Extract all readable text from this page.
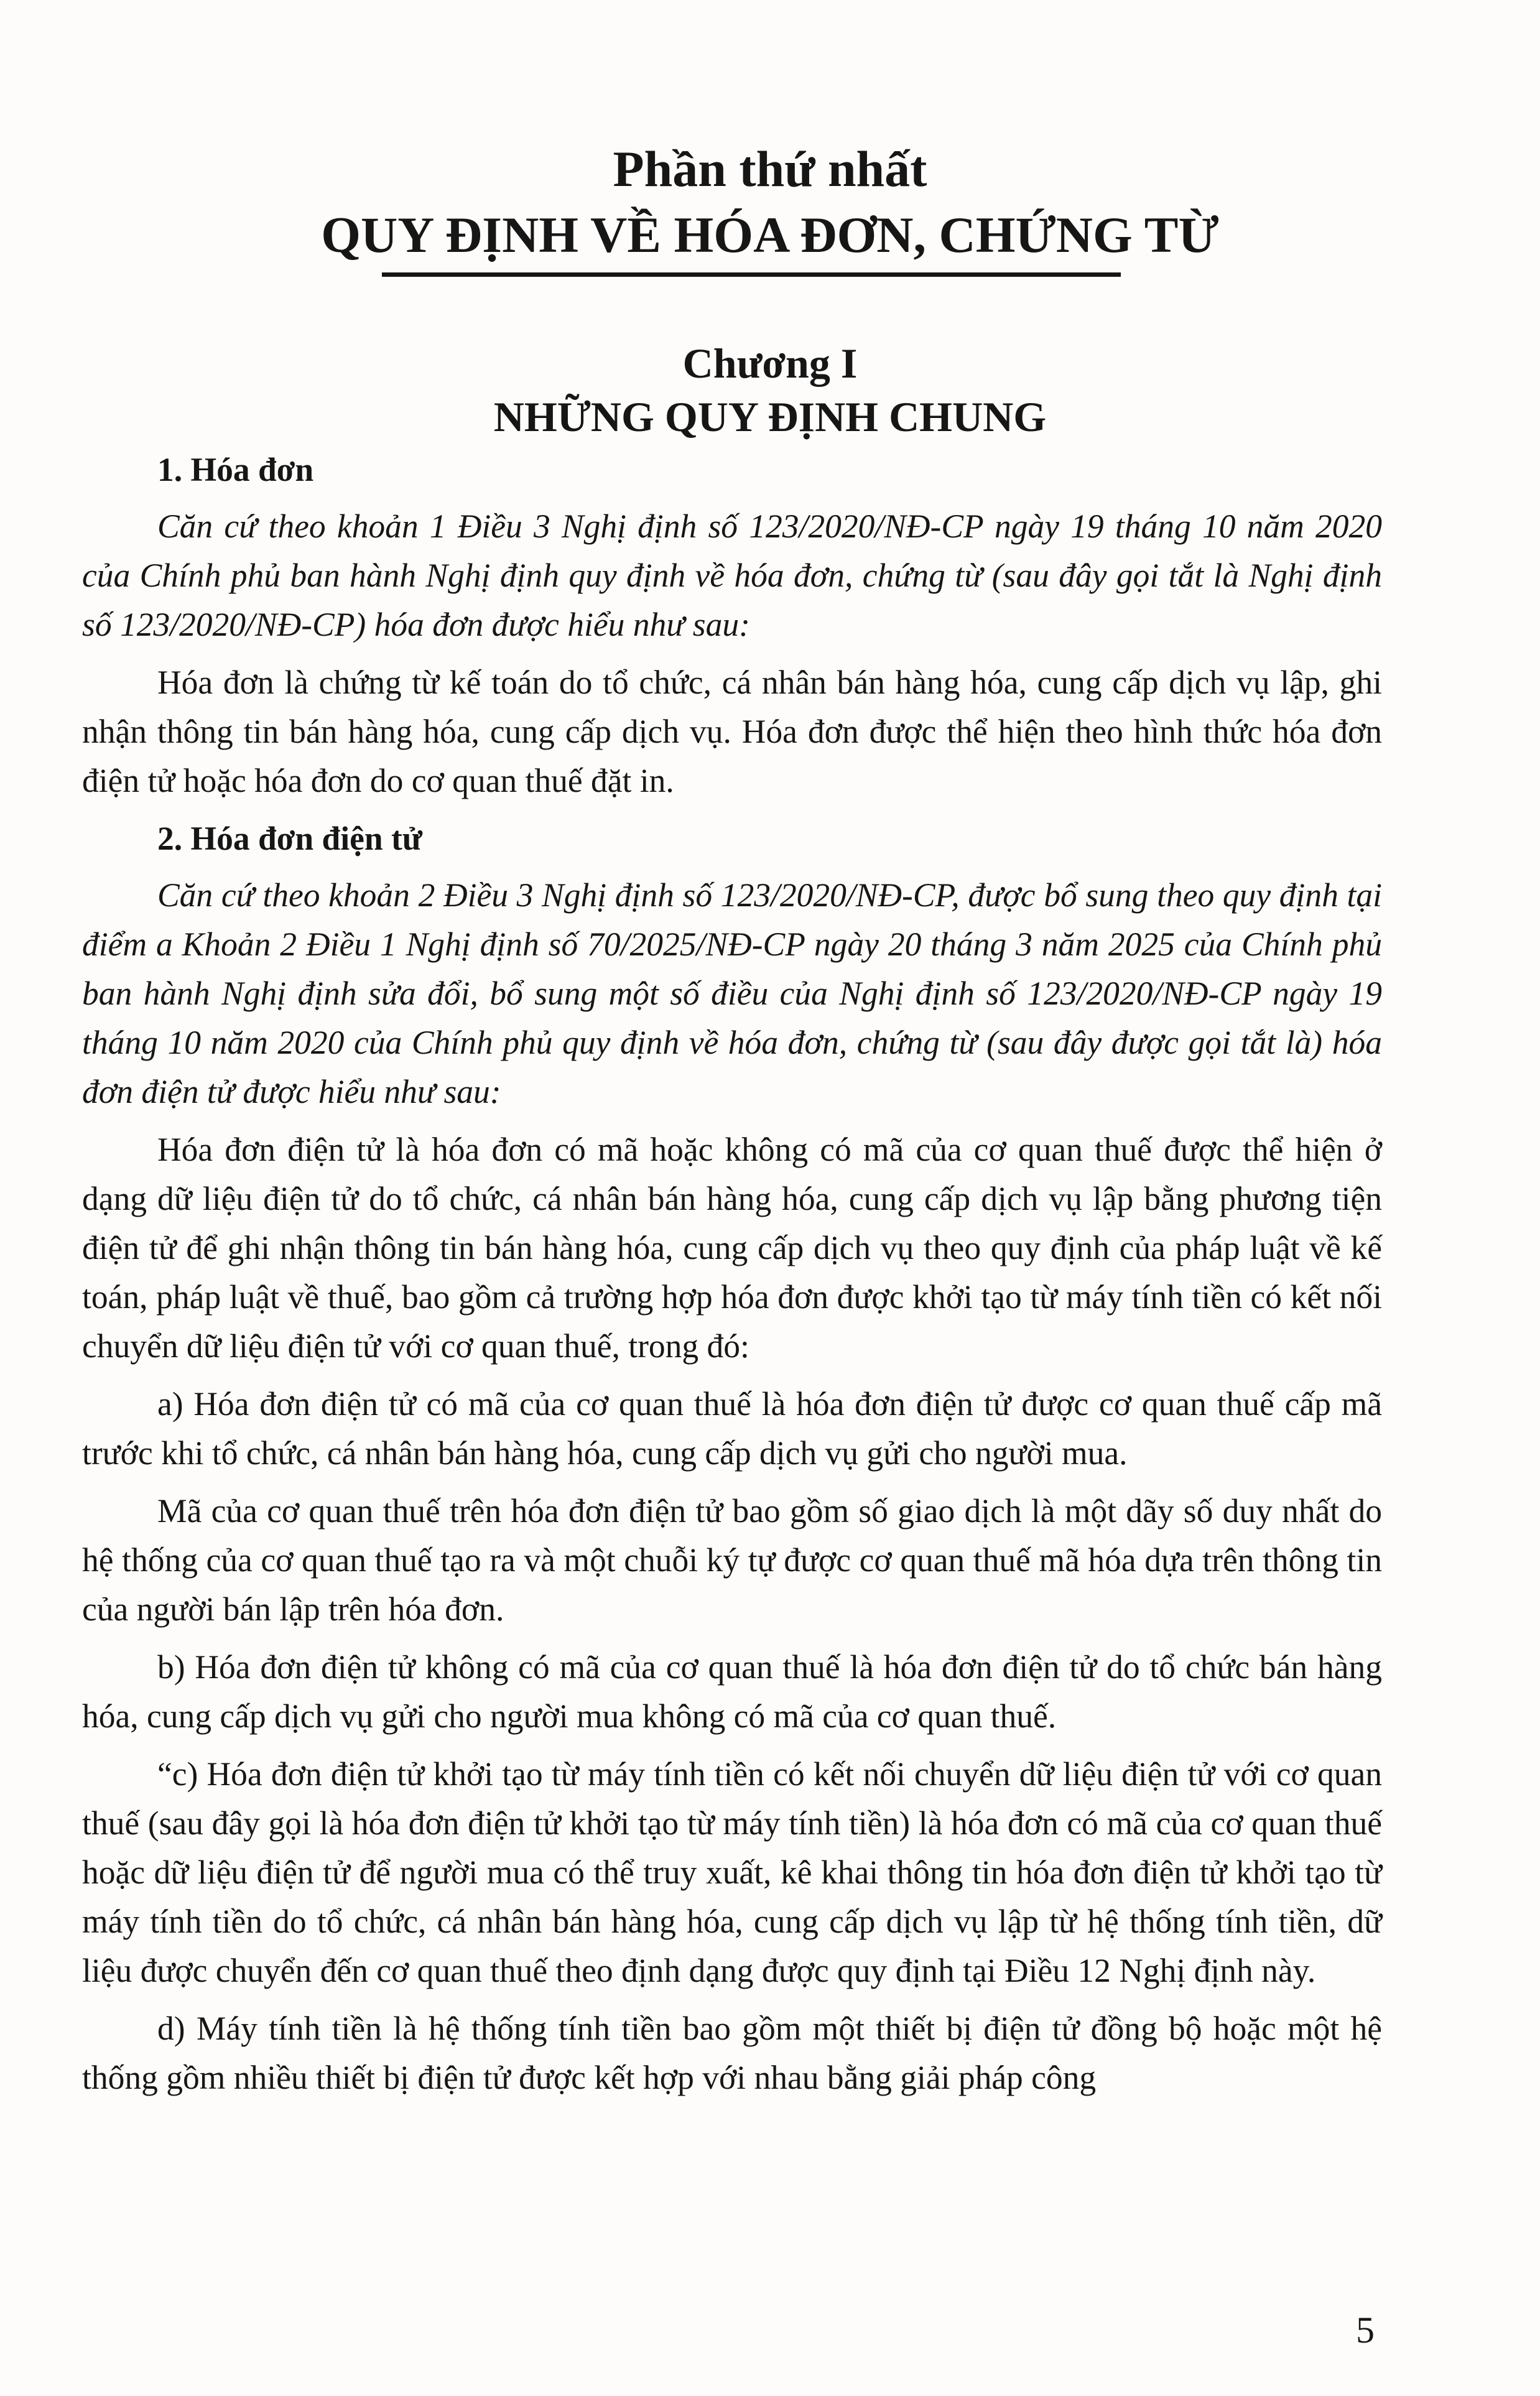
Phần thứ nhất
QUY ĐỊNH VỀ HÓA ĐƠN, CHỨNG TỪ
Chương I
NHỮNG QUY ĐỊNH CHUNG

1. Hóa đơn

Căn cứ theo khoản 1 Điều 3 Nghị định số 123/2020/NĐ-CP ngày 19 tháng 10 năm 2020 của Chính phủ ban hành Nghị định quy định về hóa đơn, chứng từ (sau đây gọi tắt là Nghị định số 123/2020/NĐ-CP) hóa đơn được hiểu như sau:

Hóa đơn là chứng từ kế toán do tổ chức, cá nhân bán hàng hóa, cung cấp dịch vụ lập, ghi nhận thông tin bán hàng hóa, cung cấp dịch vụ. Hóa đơn được thể hiện theo hình thức hóa đơn điện tử hoặc hóa đơn do cơ quan thuế đặt in.

2. Hóa đơn điện tử

Căn cứ theo khoản 2 Điều 3 Nghị định số 123/2020/NĐ-CP, được bổ sung theo quy định tại điểm a Khoản 2 Điều 1 Nghị định số 70/2025/NĐ-CP ngày 20 tháng 3 năm 2025 của Chính phủ ban hành Nghị định sửa đổi, bổ sung một số điều của Nghị định số 123/2020/NĐ-CP ngày 19 tháng 10 năm 2020 của Chính phủ quy định về hóa đơn, chứng từ (sau đây được gọi tắt là) hóa đơn điện tử được hiểu như sau:

Hóa đơn điện tử là hóa đơn có mã hoặc không có mã của cơ quan thuế được thể hiện ở dạng dữ liệu điện tử do tổ chức, cá nhân bán hàng hóa, cung cấp dịch vụ lập bằng phương tiện điện tử để ghi nhận thông tin bán hàng hóa, cung cấp dịch vụ theo quy định của pháp luật về kế toán, pháp luật về thuế, bao gồm cả trường hợp hóa đơn được khởi tạo từ máy tính tiền có kết nối chuyển dữ liệu điện tử với cơ quan thuế, trong đó:

a) Hóa đơn điện tử có mã của cơ quan thuế là hóa đơn điện tử được cơ quan thuế cấp mã trước khi tổ chức, cá nhân bán hàng hóa, cung cấp dịch vụ gửi cho người mua.

Mã của cơ quan thuế trên hóa đơn điện tử bao gồm số giao dịch là một dãy số duy nhất do hệ thống của cơ quan thuế tạo ra và một chuỗi ký tự được cơ quan thuế mã hóa dựa trên thông tin của người bán lập trên hóa đơn.

b) Hóa đơn điện tử không có mã của cơ quan thuế là hóa đơn điện tử do tổ chức bán hàng hóa, cung cấp dịch vụ gửi cho người mua không có mã của cơ quan thuế.

“c) Hóa đơn điện tử khởi tạo từ máy tính tiền có kết nối chuyển dữ liệu điện tử với cơ quan thuế (sau đây gọi là hóa đơn điện tử khởi tạo từ máy tính tiền) là hóa đơn có mã của cơ quan thuế hoặc dữ liệu điện tử để người mua có thể truy xuất, kê khai thông tin hóa đơn điện tử khởi tạo từ máy tính tiền do tổ chức, cá nhân bán hàng hóa, cung cấp dịch vụ lập từ hệ thống tính tiền, dữ liệu được chuyển đến cơ quan thuế theo định dạng được quy định tại Điều 12 Nghị định này.

d) Máy tính tiền là hệ thống tính tiền bao gồm một thiết bị điện tử đồng bộ hoặc một hệ thống gồm nhiều thiết bị điện tử được kết hợp với nhau bằng giải pháp công

5
